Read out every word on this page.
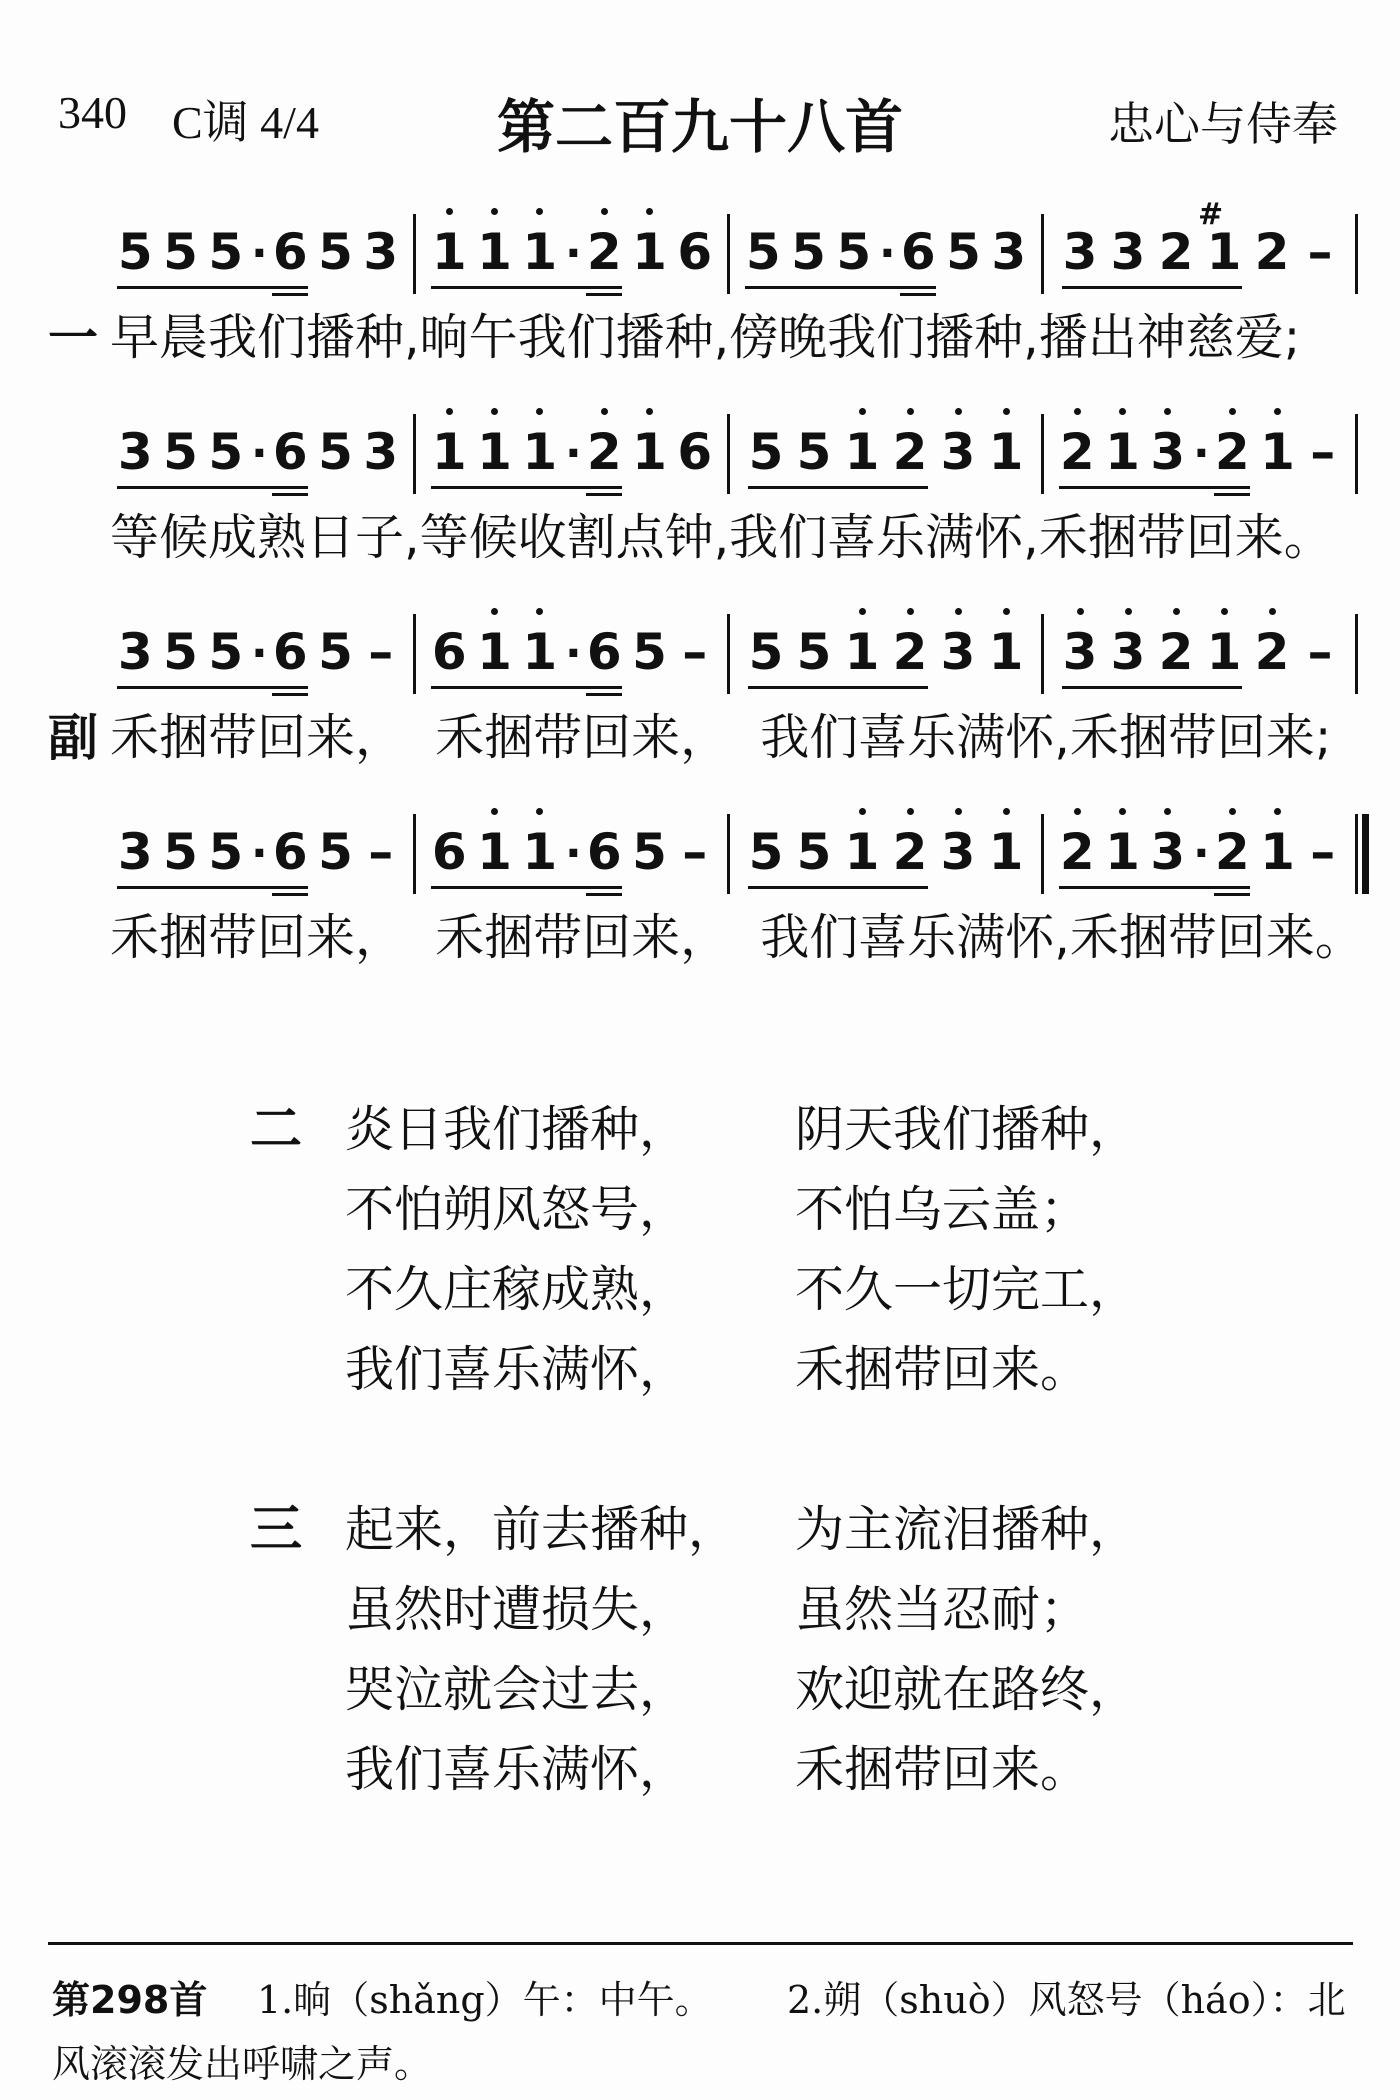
340 C调 4/4	第二百九十八首	忠心与侍奉
5 5 5 · 6 5 3 1 1 1 · 2 1 6 5 5 5 · 6 5 3 3 3 2 1
#
2 –
一 早晨我们播种,晌午我们播种,傍晚我们播种,播出神慈爱;
3 5 5 · 6 5 3 1 1 1 · 2 1 6 5 5 1 2 3 1 2 1 3 · 2 1 –
等候成熟日子,等候收割点钟,我们喜乐满怀,禾捆带回来。
3 5 5 · 6 5 – 6 1 1 · 6 5 – 5 5 1 2 3 1 3 3 2 1 2 –
副 禾捆带回来，  禾捆带回来，  我们喜乐满怀,禾捆带回来;
3 5 5 · 6 5 – 6 1 1 · 6 5 – 5 5 1 2 3 1 2 1 3 · 2 1 –
禾捆带回来，  禾捆带回来，  我们喜乐满怀,禾捆带回来。
二 炎日我们播种， 阴天我们播种，
不怕朔风怒号， 不怕乌云盖；
不久庄稼成熟， 不久一切完工，
我们喜乐满怀， 禾捆带回来。
三 起来，前去播种， 为主流泪播种，
虽然时遭损失， 虽然当忍耐；
哭泣就会过去， 欢迎就在路终，
我们喜乐满怀， 禾捆带回来。
第298首 1.晌（shǎng）午：中午。 2.朔（shuò）风怒号（háo）：北
风滚滚发出呼啸之声。
